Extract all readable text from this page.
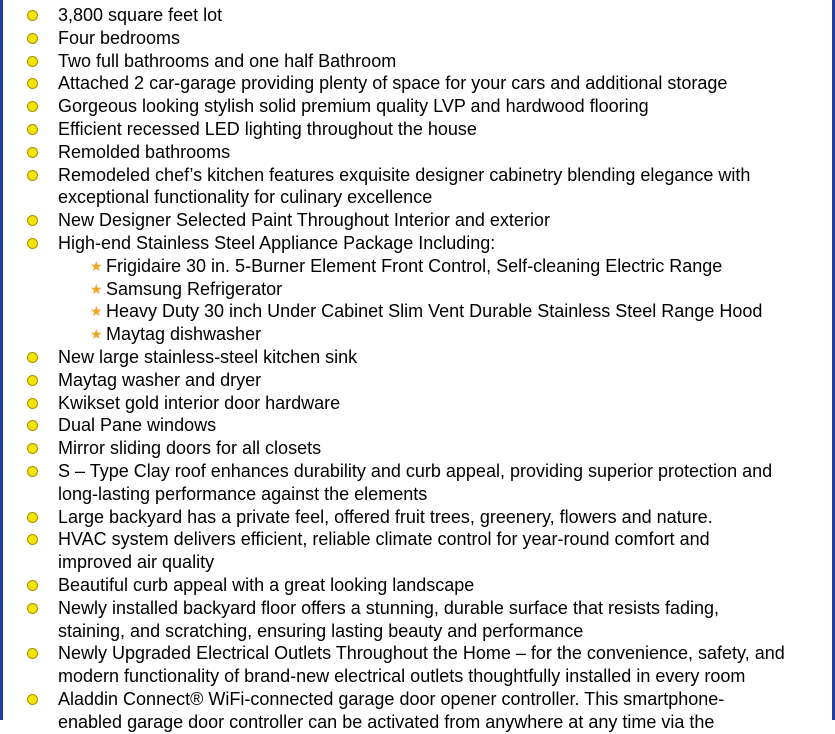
3,800 square feet lot
Four bedrooms
Two full bathrooms and one half Bathroom
Attached 2 car-garage providing plenty of space for your cars and additional storage
Gorgeous looking stylish solid premium quality LVP and hardwood flooring
Efficient recessed LED lighting throughout the house
Remolded bathrooms
Remodeled chef’s kitchen features exquisite designer cabinetry blending elegance with
exceptional functionality for culinary excellence
New Designer Selected Paint Throughout Interior and exterior
High-end Stainless Steel Appliance Package Including:
★ Frigidaire 30 in. 5-Burner Element Front Control, Self-cleaning Electric Range
★ Samsung Refrigerator
★ Heavy Duty 30 inch Under Cabinet Slim Vent Durable Stainless Steel Range Hood
★ Maytag dishwasher
New large stainless-steel kitchen sink
Maytag washer and dryer
Kwikset gold interior door hardware
Dual Pane windows
Mirror sliding doors for all closets
S – Type Clay roof enhances durability and curb appeal, providing superior protection and
long-lasting performance against the elements
Large backyard has a private feel, offered fruit trees, greenery, flowers and nature.
HVAC system delivers efficient, reliable climate control for year-round comfort and
improved air quality
Beautiful curb appeal with a great looking landscape
Newly installed backyard floor offers a stunning, durable surface that resists fading,
staining, and scratching, ensuring lasting beauty and performance
Newly Upgraded Electrical Outlets Throughout the Home – for the convenience, safety, and
modern functionality of brand-new electrical outlets thoughtfully installed in every room
Aladdin Connect® WiFi-connected garage door opener controller. This smartphone-
enabled garage door controller can be activated from anywhere at any time via the
